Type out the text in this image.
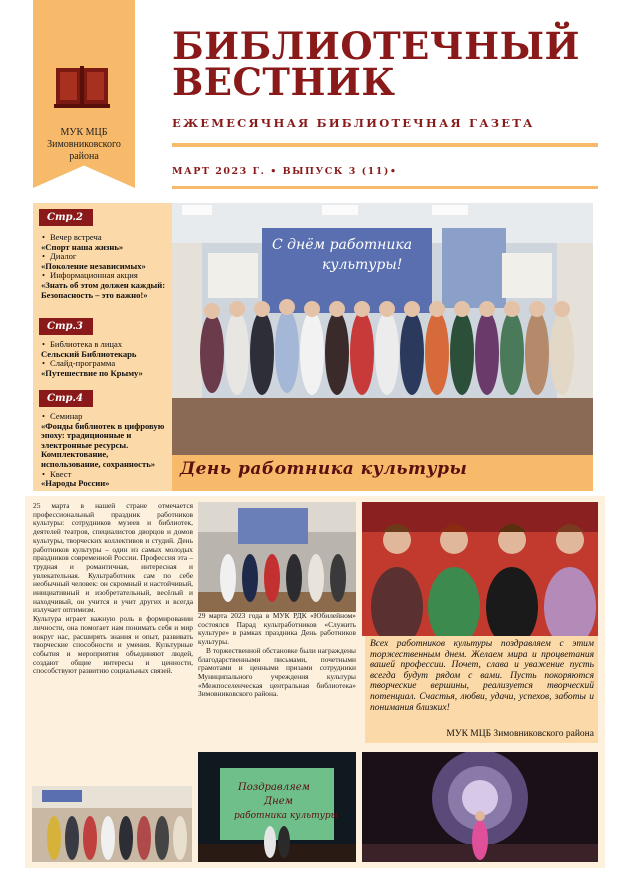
МУК МЦБ
Зимовниковского
района
БИБЛИОТЕЧНЫЙ
ВЕСТНИК
ЕЖЕМЕСЯЧНАЯ БИБЛИОТЕЧНАЯ ГАЗЕТА
МАРТ 2023 Г. • ВЫПУСК 3 (11)•
Стр.2
• Вечер встреча
«Спорт наша жизнь»
• Диалог
«Поколение независимых»
• Информационная акция
«Знать об этом должен каждый: Безопасность – это важно!»
Стр.3
• Библиотека в лицах
Сельский Библиотекарь
• Слайд-программа
«Путешествие по Крыму»
Стр.4
• Семинар
«Фонды библиотек в цифровую эпоху: традиционные и электронные ресурсы. Комплектование, использование, сохранность»
• Квест
«Народы России»
С днём работника
культуры!
День работника культуры
25 марта в нашей стране отмечается профессиональный праздник работников культуры: сотрудников музеев и библиотек, деятелей театров, специалистов дворцов и домов культуры, творческих коллективов и студий. День работников культуры – один из самых молодых праздников современной России. Профессия эта – трудная и романтичная, интересная и увлекательная. Культработник сам по себе необычный человек: он скромный и настойчивый, инициативный и изобретательный, весёлый и находчивый, он учится и учит других и всегда излучает оптимизм.
Культура играет важную роль в формировании личности, она помогает нам понимать себя и мир вокруг нас, расширять знания и опыт, развивать творческие способности и умения. Культурные события и мероприятия объединяют людей, создают общие интересы и ценности, способствуют развитию социальных связей.
29 марта 2023 года в МУК РДК «Юбилейном» состоялся Парад культработников «Служить культуре» в рамках праздника День работников культуры.
В торжественной обстановке были награждены благодарственными письмами, почетными грамотами и ценными призами сотрудники Муниципального учреждения культуры «Межпоселенческая центральная библиотека» Зимовниковского района.
Поздравляем
Днем
работника культуры
Всех работников культуры поздравляем с этим торжественным днем. Желаем мира и процветания вашей профессии. Почет, слава и уважение пусть всегда будут рядом с вами. Пусть покоряются творческие вершины, реализуется творческий потенциал. Счастья, любви, удачи, успехов, заботы и понимания близких!
МУК МЦБ Зимовниковского района
